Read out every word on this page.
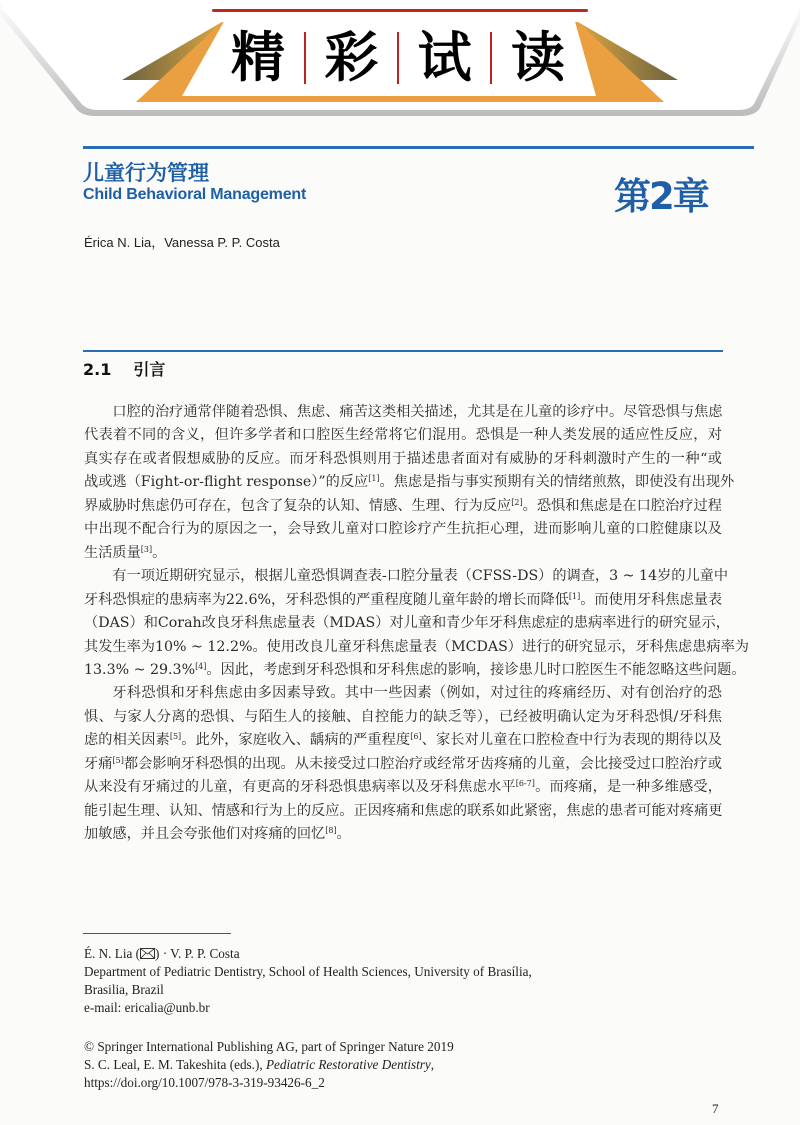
精 彩 试 读
儿童行为管理
Child Behavioral Management	第2章
Érica N. Lia，Vanessa P. P. Costa
2.1 引言
口腔的治疗通常伴随着恐惧、焦虑、痛苦这类相关描述，尤其是在儿童的诊疗中。尽管恐惧与焦虑
代表着不同的含义，但许多学者和口腔医生经常将它们混用。恐惧是一种人类发展的适应性反应，对
真实存在或者假想威胁的反应。而牙科恐惧则用于描述患者面对有威胁的牙科刺激时产生的一种“或
战或逃（Fight-or-flight response）”的反应[1]。焦虑是指与事实预期有关的情绪煎熬，即使没有出现外
界威胁时焦虑仍可存在，包含了复杂的认知、情感、生理、行为反应[2]。恐惧和焦虑是在口腔治疗过程
中出现不配合行为的原因之一，会导致儿童对口腔诊疗产生抗拒心理，进而影响儿童的口腔健康以及
生活质量[3]。
有一项近期研究显示，根据儿童恐惧调查表-口腔分量表（CFSS-DS）的调查，3 ~ 14岁的儿童中
牙科恐惧症的患病率为22.6%，牙科恐惧的严重程度随儿童年龄的增长而降低[1]。而使用牙科焦虑量表
（DAS）和Corah改良牙科焦虑量表（MDAS）对儿童和青少年牙科焦虑症的患病率进行的研究显示，
其发生率为10% ~ 12.2%。使用改良儿童牙科焦虑量表（MCDAS）进行的研究显示，牙科焦虑患病率为
13.3% ~ 29.3%[4]。因此，考虑到牙科恐惧和牙科焦虑的影响，接诊患儿时口腔医生不能忽略这些问题。
牙科恐惧和牙科焦虑由多因素导致。其中一些因素（例如，对过往的疼痛经历、对有创治疗的恐
惧、与家人分离的恐惧、与陌生人的接触、自控能力的缺乏等），已经被明确认定为牙科恐惧/牙科焦
虑的相关因素[5]。此外，家庭收入、龋病的严重程度[6]、家长对儿童在口腔检查中行为表现的期待以及
牙痛[5]都会影响牙科恐惧的出现。从未接受过口腔治疗或经常牙齿疼痛的儿童，会比接受过口腔治疗或
从来没有牙痛过的儿童，有更高的牙科恐惧患病率以及牙科焦虑水平[6-7]。而疼痛，是一种多维感受，
能引起生理、认知、情感和行为上的反应。正因疼痛和焦虑的联系如此紧密，焦虑的患者可能对疼痛更
加敏感，并且会夸张他们对疼痛的回忆[8]。
É. N. Lia ( ) · V. P. P. Costa
Department of Pediatric Dentistry, School of Health Sciences, University of Brasília,
Brasilia, Brazil
e-mail: ericalia@unb.br
© Springer International Publishing AG, part of Springer Nature 2019
S. C. Leal, E. M. Takeshita (eds.), Pediatric Restorative Dentistry,
https://doi.org/10.1007/978-3-319-93426-6_2
7
